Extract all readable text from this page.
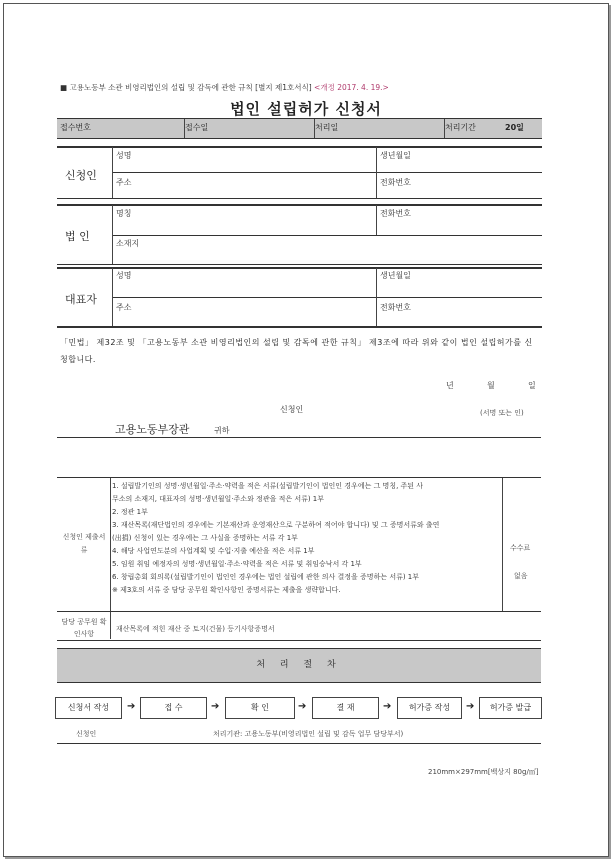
■ 고용노동부 소관 비영리법인의 설립 및 감독에 관한 규칙 [별지 제1호서식] <개정 2017. 4. 19.>
법인 설립허가 신청서
접수번호	접수일	처리일	처리기간	20일
신청인
성명	생년월일
주소	전화번호
법 인
명칭	전화번호
소재지
대표자
성명	생년월일
주소	전화번호
「민법」 제32조 및 「고용노동부 소관 비영리법인의 설립 및 감독에 관한 규칙」 제3조에 따라 위와 같이 법인 설립허가를 신청합니다.
년	월	일
신청인	(서명 또는 인)
고용노동부장관	귀하
신청인 제출서류
1. 설립발기인의 성명·생년월일·주소·약력을 적은 서류(설립발기인이 법인인 경우에는 그 명칭, 주된 사
무소의 소재지, 대표자의 성명·생년월일·주소와 정관을 적은 서류) 1부
2. 정관 1부
3. 재산목록(재단법인의 경우에는 기본재산과 운영재산으로 구분하여 적어야 합니다) 및 그 증명서류와 출연
(出捐) 신청이 있는 경우에는 그 사실을 증명하는 서류 각 1부
4. 해당 사업연도분의 사업계획 및 수입·지출 예산을 적은 서류 1부
5. 임원 취임 예정자의 성명·생년월일·주소·약력을 적은 서류 및 취임승낙서 각 1부
6. 창립총회 회의록(설립발기인이 법인인 경우에는 법인 설립에 관한 의사 결정을 증명하는 서류) 1부
※ 제3호의 서류 중 담당 공무원 확인사항인 증명서류는 제출을 생략합니다.
수수료
없음
담당 공무원 확인사항
재산목록에 적힌 재산 중 토지(건물) 등기사항증명서
처 리 절 차
신청서 작성	➔	접 수	➔	확 인	➔	결 재	➔	허가증 작성	➔	허가증 발급
신청인	처리기관: 고용노동부(비영리법인 설립 및 감독 업무 담당부서)
210mm×297mm[백상지 80g/㎡]
